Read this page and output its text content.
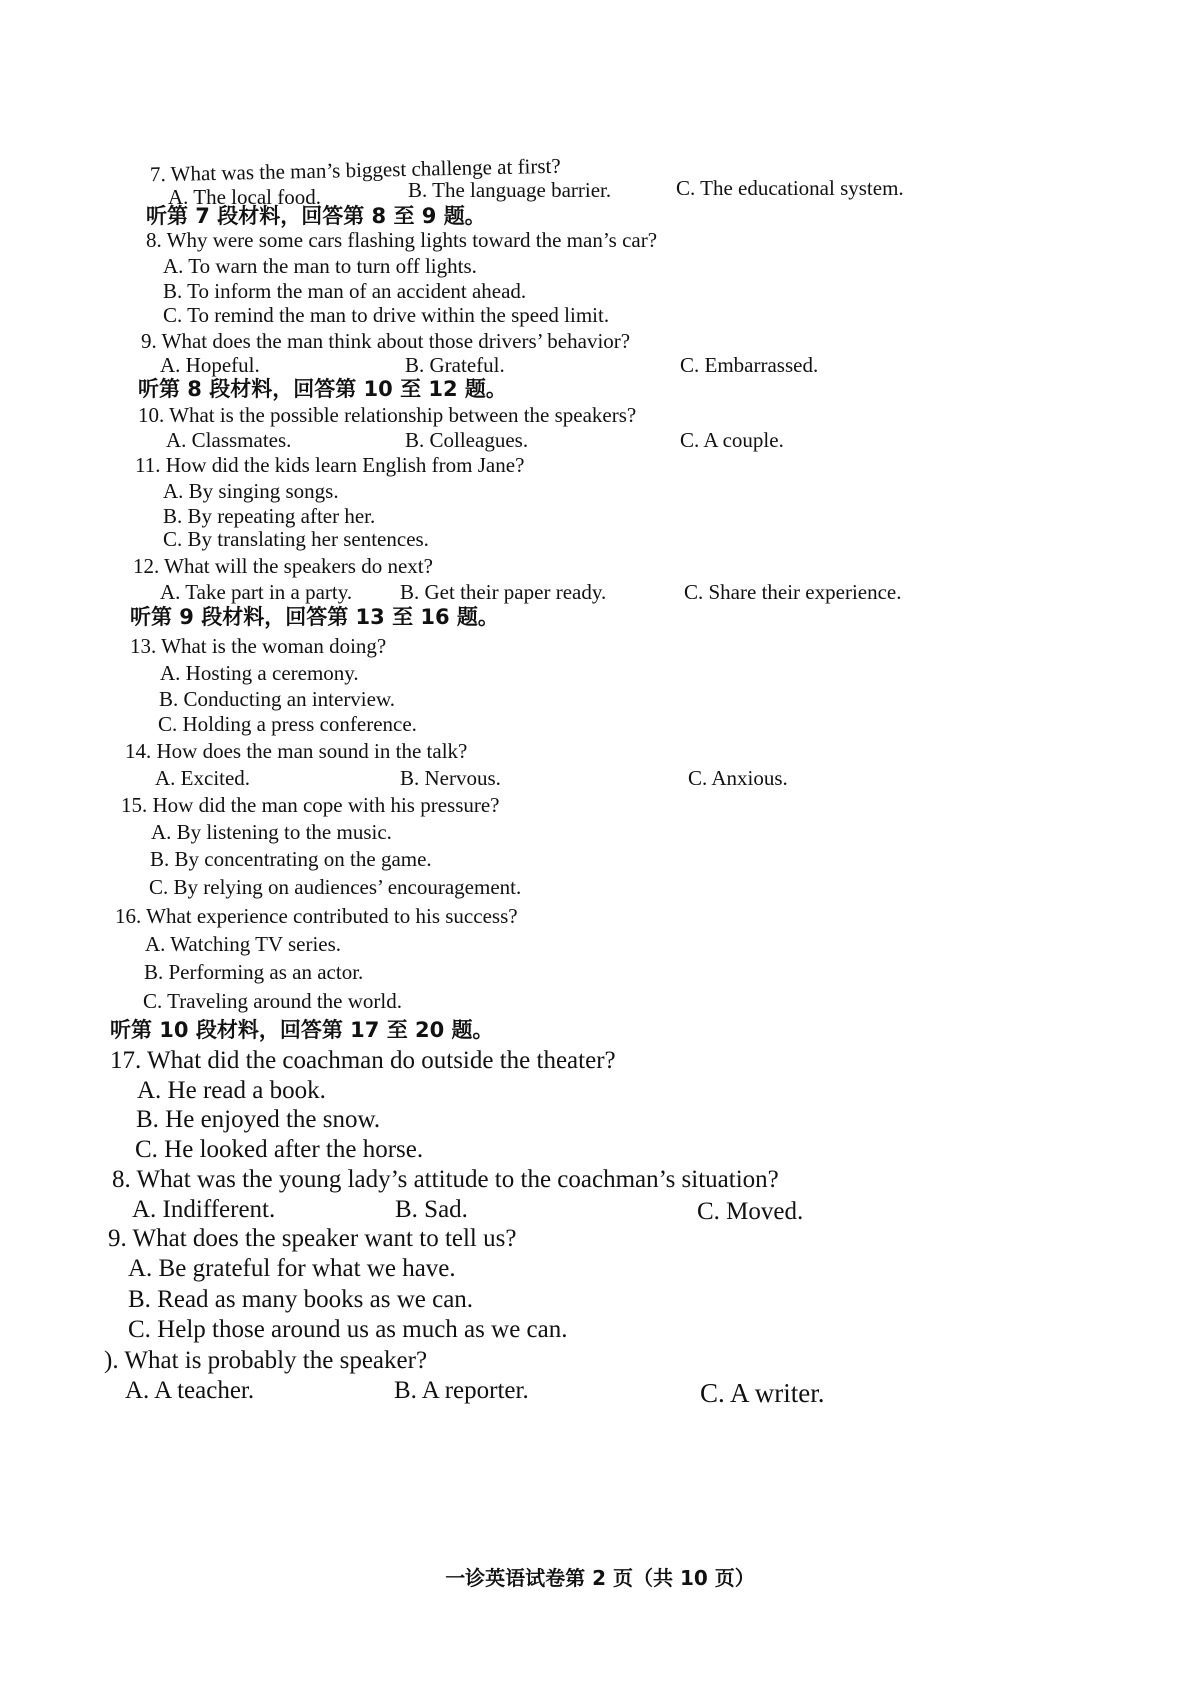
7. What was the man’s biggest challenge at first?
A. The local food.	B. The language barrier.	C. The educational system.
听第 7 段材料，回答第 8 至 9 题。
8. Why were some cars flashing lights toward the man’s car?
A. To warn the man to turn off lights.
B. To inform the man of an accident ahead.
C. To remind the man to drive within the speed limit.
9. What does the man think about those drivers’ behavior?
A. Hopeful.	B. Grateful.	C. Embarrassed.
听第 8 段材料，回答第 10 至 12 题。
10. What is the possible relationship between the speakers?
A. Classmates.	B. Colleagues.	C. A couple.
11. How did the kids learn English from Jane?
A. By singing songs.
B. By repeating after her.
C. By translating her sentences.
12. What will the speakers do next?
A. Take part in a party. B. Get their paper ready.	C. Share their experience.
听第 9 段材料，回答第 13 至 16 题。
13. What is the woman doing?
A. Hosting a ceremony.
B. Conducting an interview.
C. Holding a press conference.
14. How does the man sound in the talk?
A. Excited.	B. Nervous.	C. Anxious.
15. How did the man cope with his pressure?
A. By listening to the music.
B. By concentrating on the game.
C. By relying on audiences’ encouragement.
16. What experience contributed to his success?
A. Watching TV series.
B. Performing as an actor.
C. Traveling around the world.
听第 10 段材料，回答第 17 至 20 题。
17. What did the coachman do outside the theater?
A. He read a book.
B. He enjoyed the snow.
C. He looked after the horse.
8. What was the young lady’s attitude to the coachman’s situation?
A. Indifferent.	B. Sad.	C. Moved.
9. What does the speaker want to tell us?
A. Be grateful for what we have.
B. Read as many books as we can.
C. Help those around us as much as we can.
). What is probably the speaker?
A. A teacher.	B. A reporter.	C. A writer.
一诊英语试卷第 2 页（共 10 页）
